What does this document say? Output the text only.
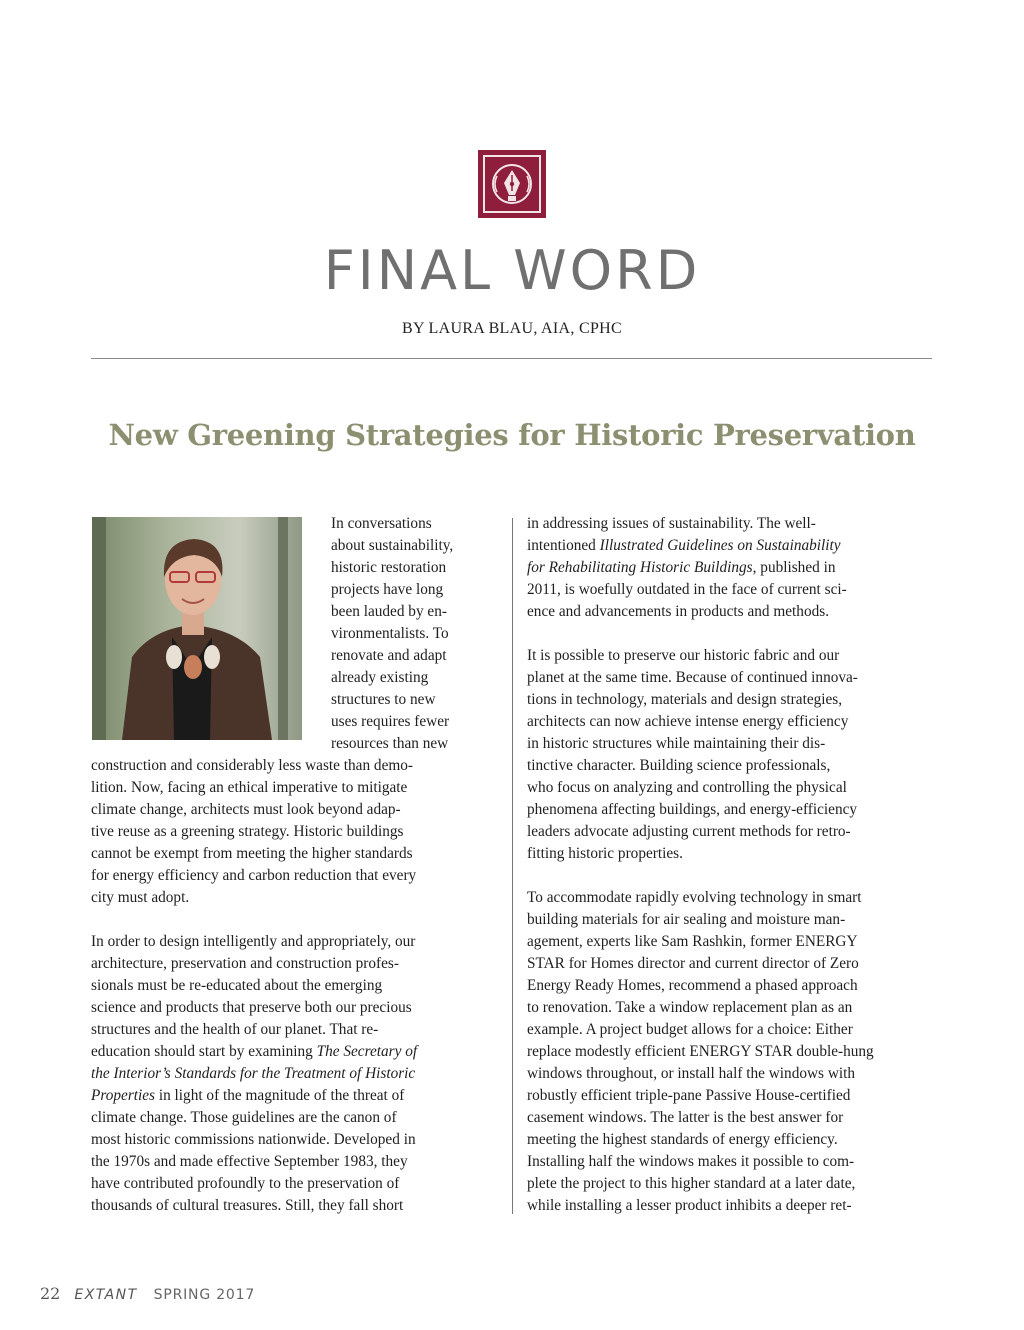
FINAL WORD
BY LAURA BLAU, AIA, CPHC
New Greening Strategies for Historic Preservation

In conversations
about sustainability,
historic restoration
projects have long
been lauded by en-
vironmentalists. To
renovate and adapt
already existing
structures to new
uses requires fewer
resources than new
construction and considerably less waste than demo-
lition. Now, facing an ethical imperative to mitigate
climate change, architects must look beyond adap-
tive reuse as a greening strategy. Historic buildings
cannot be exempt from meeting the higher standards
for energy efficiency and carbon reduction that every
city must adopt.

In order to design intelligently and appropriately, our
architecture, preservation and construction profes-
sionals must be re-educated about the emerging
science and products that preserve both our precious
structures and the health of our planet. That re-
education should start by examining The Secretary of
the Interior’s Standards for the Treatment of Historic
Properties in light of the magnitude of the threat of
climate change. Those guidelines are the canon of
most historic commissions nationwide. Developed in
the 1970s and made effective September 1983, they
have contributed profoundly to the preservation of
thousands of cultural treasures. Still, they fall short

in addressing issues of sustainability. The well-
intentioned Illustrated Guidelines on Sustainability
for Rehabilitating Historic Buildings, published in
2011, is woefully outdated in the face of current sci-
ence and advancements in products and methods.

It is possible to preserve our historic fabric and our
planet at the same time. Because of continued innova-
tions in technology, materials and design strategies,
architects can now achieve intense energy efficiency
in historic structures while maintaining their dis-
tinctive character. Building science professionals,
who focus on analyzing and controlling the physical
phenomena affecting buildings, and energy-efficiency
leaders advocate adjusting current methods for retro-
fitting historic properties.

To accommodate rapidly evolving technology in smart
building materials for air sealing and moisture man-
agement, experts like Sam Rashkin, former ENERGY
STAR for Homes director and current director of Zero
Energy Ready Homes, recommend a phased approach
to renovation. Take a window replacement plan as an
example. A project budget allows for a choice: Either
replace modestly efficient ENERGY STAR double-hung
windows throughout, or install half the windows with
robustly efficient triple-pane Passive House-certified
casement windows. The latter is the best answer for
meeting the highest standards of energy efficiency.
Installing half the windows makes it possible to com-
plete the project to this higher standard at a later date,
while installing a lesser product inhibits a deeper ret-

22 EXTANT SPRING 2017
